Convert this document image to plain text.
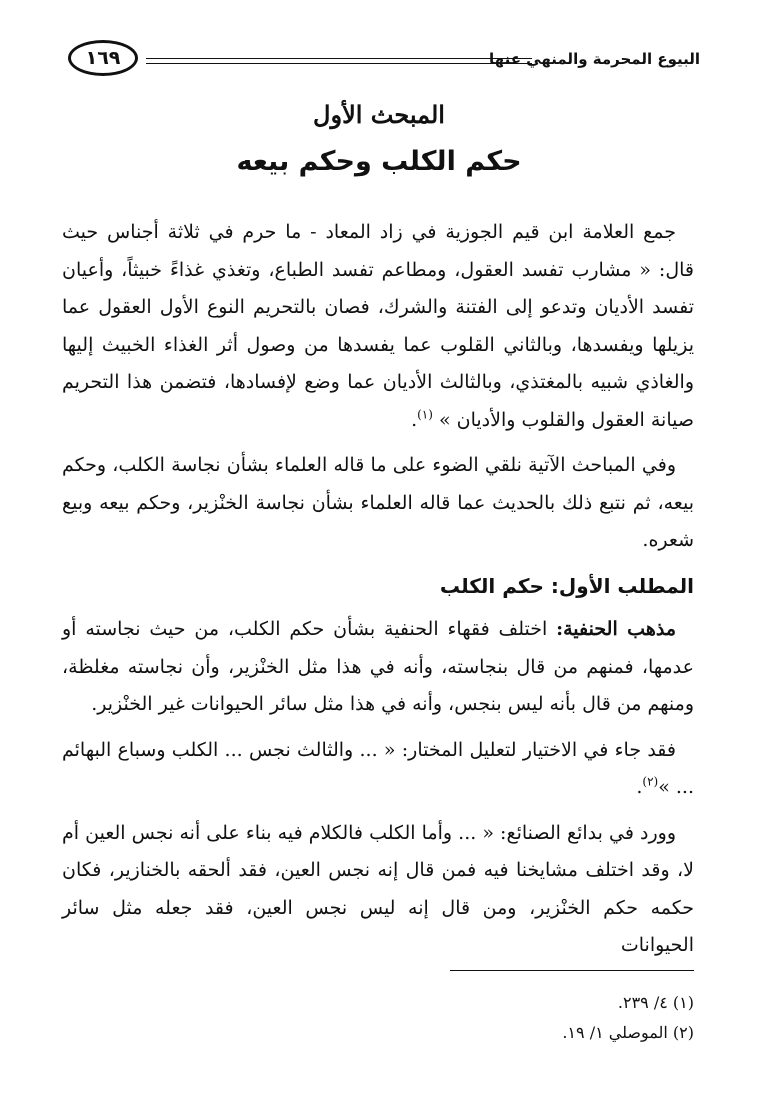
البيوع المحرمة والمنهي عنها
١٦٩
المبحث الأول
حكم الكلب وحكم بيعه

جمع العلامة ابن قيم الجوزية في زاد المعاد - ما حرم في ثلاثة أجناس حيث قال: « مشارب تفسد العقول، ومطاعم تفسد الطباع، وتغذي غذاءً خبيثاً، وأعيان تفسد الأديان وتدعو إلى الفتنة والشرك، فصان بالتحريم النوع الأول العقول عما يزيلها ويفسدها، وبالثاني القلوب عما يفسدها من وصول أثر الغذاء الخبيث إليها والغاذي شبيه بالمغتذي، وبالثالث الأديان عما وضع لإفسادها، فتضمن هذا التحريم صيانة العقول والقلوب والأديان » $^{(١)}$.

وفي المباحث الآتية نلقي الضوء على ما قاله العلماء بشأن نجاسة الكلب، وحكم بيعه، ثم نتبع ذلك بالحديث عما قاله العلماء بشأن نجاسة الخنْزير، وحكم بيعه وبيع شعره.

المطلب الأول: حكم الكلب

مذهب الحنفية: اختلف فقهاء الحنفية بشأن حكم الكلب، من حيث نجاسته أو عدمها، فمنهم من قال بنجاسته، وأنه في هذا مثل الخنْزير، وأن نجاسته مغلظة، ومنهم من قال بأنه ليس بنجس، وأنه في هذا مثل سائر الحيوانات غير الخنْزير.

فقد جاء في الاختيار لتعليل المختار: « ... والثالث نجس ... الكلب وسباع البهائم ... »$^{(٢)}$.

وورد في بدائع الصنائع: « ... وأما الكلب فالكلام فيه بناء على أنه نجس العين أم لا، وقد اختلف مشايخنا فيه فمن قال إنه نجس العين، فقد ألحقه بالخنازير، فكان حكمه حكم الخنْزير، ومن قال إنه ليس نجس العين، فقد جعله مثل سائر الحيوانات

(١) ٤/ ٢٣٩.
(٢) الموصلي ١/ ١٩.
